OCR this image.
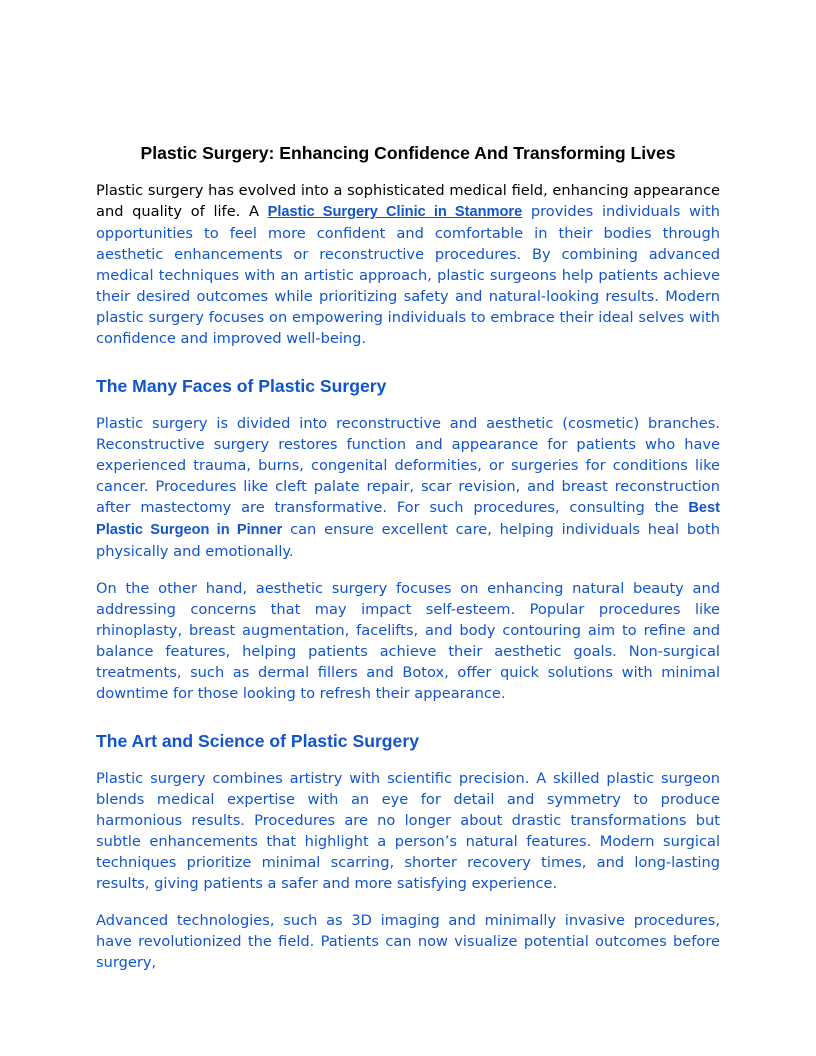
Plastic Surgery: Enhancing Confidence And Transforming Lives

Plastic surgery has evolved into a sophisticated medical field, enhancing appearance and quality of life. A Plastic Surgery Clinic in Stanmore provides individuals with opportunities to feel more confident and comfortable in their bodies through aesthetic enhancements or reconstructive procedures. By combining advanced medical techniques with an artistic approach, plastic surgeons help patients achieve their desired outcomes while prioritizing safety and natural-looking results. Modern plastic surgery focuses on empowering individuals to embrace their ideal selves with confidence and improved well-being.

The Many Faces of Plastic Surgery

Plastic surgery is divided into reconstructive and aesthetic (cosmetic) branches. Reconstructive surgery restores function and appearance for patients who have experienced trauma, burns, congenital deformities, or surgeries for conditions like cancer. Procedures like cleft palate repair, scar revision, and breast reconstruction after mastectomy are transformative. For such procedures, consulting the Best Plastic Surgeon in Pinner can ensure excellent care, helping individuals heal both physically and emotionally.

On the other hand, aesthetic surgery focuses on enhancing natural beauty and addressing concerns that may impact self-esteem. Popular procedures like rhinoplasty, breast augmentation, facelifts, and body contouring aim to refine and balance features, helping patients achieve their aesthetic goals. Non-surgical treatments, such as dermal fillers and Botox, offer quick solutions with minimal downtime for those looking to refresh their appearance.

The Art and Science of Plastic Surgery

Plastic surgery combines artistry with scientific precision. A skilled plastic surgeon blends medical expertise with an eye for detail and symmetry to produce harmonious results. Procedures are no longer about drastic transformations but subtle enhancements that highlight a person’s natural features. Modern surgical techniques prioritize minimal scarring, shorter recovery times, and long-lasting results, giving patients a safer and more satisfying experience.

Advanced technologies, such as 3D imaging and minimally invasive procedures, have revolutionized the field. Patients can now visualize potential outcomes before surgery,
